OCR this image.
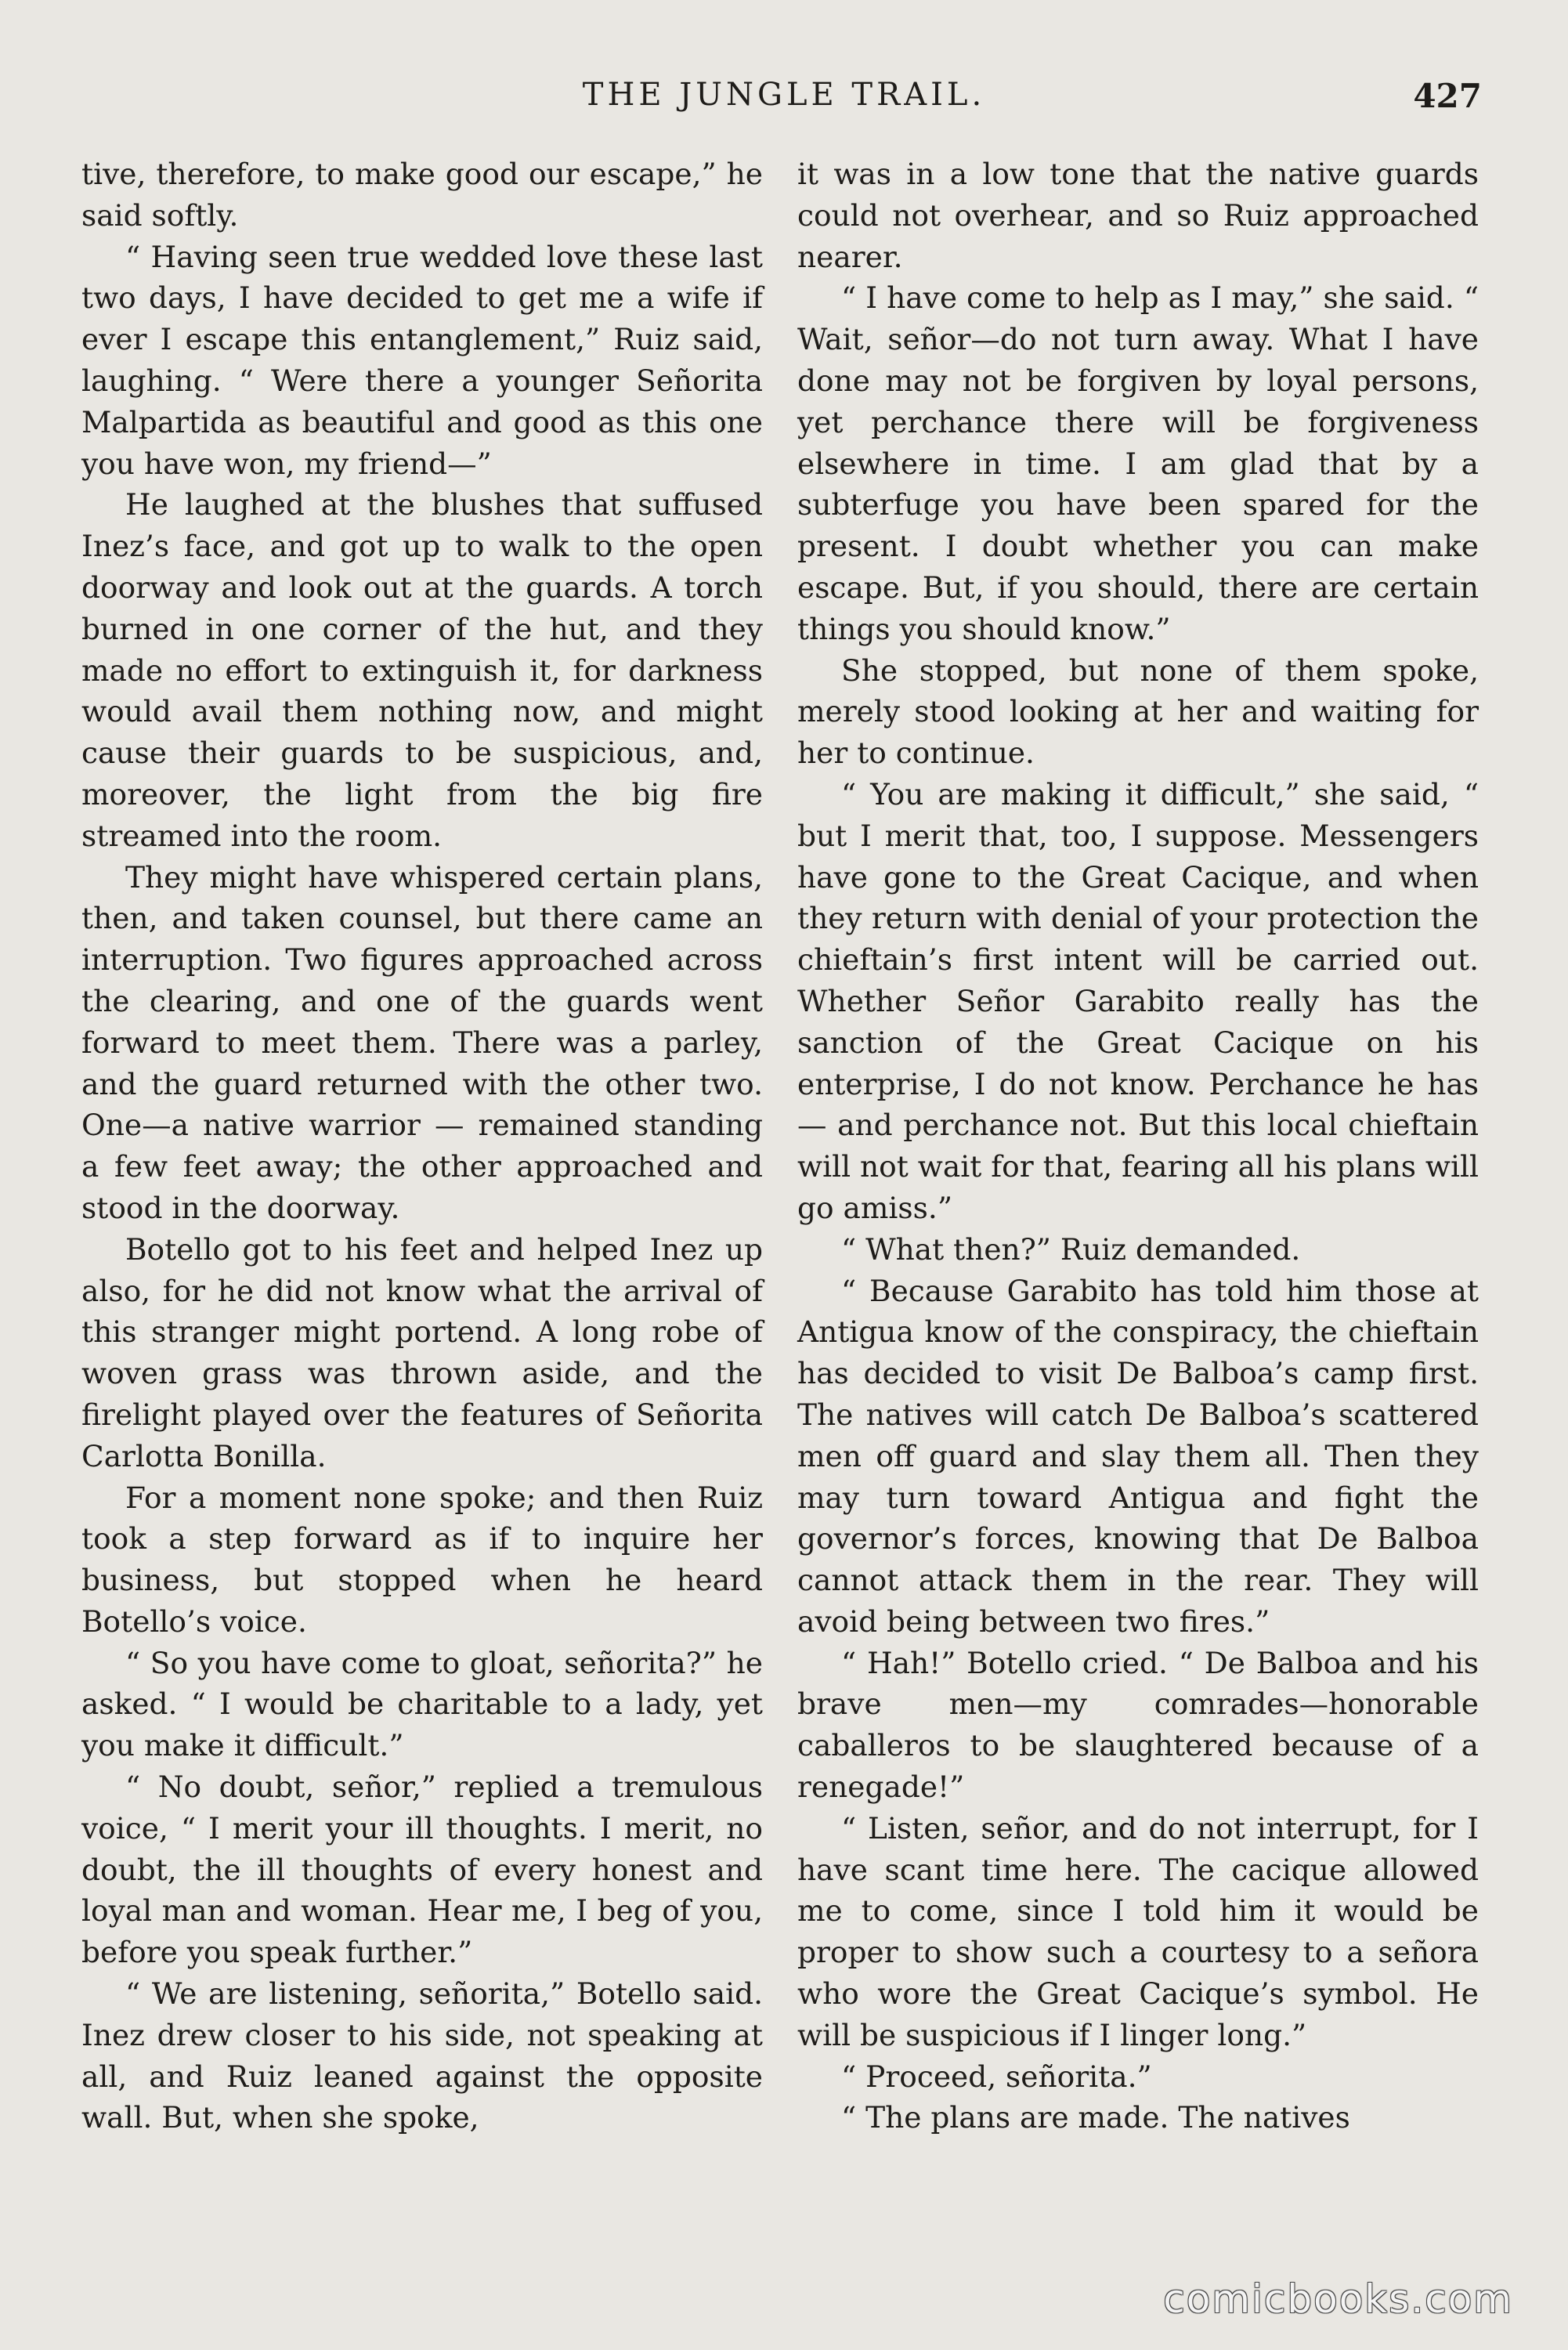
THE JUNGLE TRAIL.	427

tive, therefore, to make good our escape,” he said softly.

“ Having seen true wedded love these last two days, I have decided to get me a wife if ever I escape this entanglement,” Ruiz said, laughing. “ Were there a younger Señorita Malpartida as beautiful and good as this one you have won, my friend—”

He laughed at the blushes that suffused Inez’s face, and got up to walk to the open doorway and look out at the guards. A torch burned in one corner of the hut, and they made no effort to extinguish it, for darkness would avail them nothing now, and might cause their guards to be suspicious, and, moreover, the light from the big fire streamed into the room.

They might have whispered certain plans, then, and taken counsel, but there came an interruption. Two figures approached across the clearing, and one of the guards went forward to meet them. There was a parley, and the guard returned with the other two. One—a native warrior — remained standing a few feet away; the other approached and stood in the doorway.

Botello got to his feet and helped Inez up also, for he did not know what the arrival of this stranger might portend. A long robe of woven grass was thrown aside, and the firelight played over the features of Señorita Carlotta Bonilla.

For a moment none spoke; and then Ruiz took a step forward as if to inquire her business, but stopped when he heard Botello’s voice.

“ So you have come to gloat, señorita?” he asked. “ I would be charitable to a lady, yet you make it difficult.”

“ No doubt, señor,” replied a tremulous voice, “ I merit your ill thoughts. I merit, no doubt, the ill thoughts of every honest and loyal man and woman. Hear me, I beg of you, before you speak further.”

“ We are listening, señorita,” Botello said. Inez drew closer to his side, not speaking at all, and Ruiz leaned against the opposite wall. But, when she spoke,

it was in a low tone that the native guards could not overhear, and so Ruiz approached nearer.

“ I have come to help as I may,” she said. “ Wait, señor—do not turn away. What I have done may not be forgiven by loyal persons, yet perchance there will be forgiveness elsewhere in time. I am glad that by a subterfuge you have been spared for the present. I doubt whether you can make escape. But, if you should, there are certain things you should know.”

She stopped, but none of them spoke, merely stood looking at her and waiting for her to continue.

“ You are making it difficult,” she said, “ but I merit that, too, I suppose. Messengers have gone to the Great Cacique, and when they return with denial of your protection the chieftain’s first intent will be carried out. Whether Señor Garabito really has the sanction of the Great Cacique on his enterprise, I do not know. Perchance he has — and perchance not. But this local chieftain will not wait for that, fearing all his plans will go amiss.”

“ What then?” Ruiz demanded.

“ Because Garabito has told him those at Antigua know of the conspiracy, the chieftain has decided to visit De Balboa’s camp first. The natives will catch De Balboa’s scattered men off guard and slay them all. Then they may turn toward Antigua and fight the governor’s forces, knowing that De Balboa cannot attack them in the rear. They will avoid being between two fires.”

“ Hah!” Botello cried. “ De Balboa and his brave men—my comrades—honorable caballeros to be slaughtered because of a renegade!”

“ Listen, señor, and do not interrupt, for I have scant time here. The cacique allowed me to come, since I told him it would be proper to show such a courtesy to a señora who wore the Great Cacique’s symbol. He will be suspicious if I linger long.”

“ Proceed, señorita.”

“ The plans are made. The natives

comicbooks.com
